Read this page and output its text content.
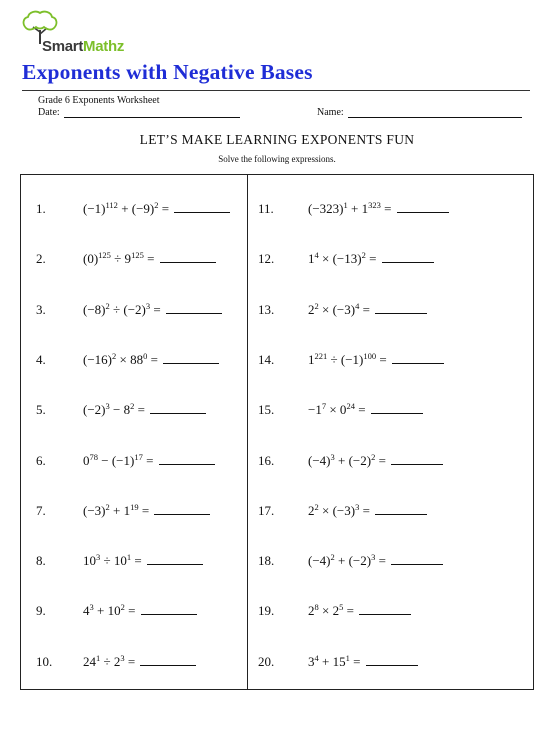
SmartMathz
Exponents with Negative Bases
Grade 6 Exponents Worksheet
Date:	Name:
LET’S MAKE LEARNING EXPONENTS FUN
Solve the following expressions.
1.	$(-1)^{112} + (-9)^2$ =
2.	$(0)^{125} \div 9^{125}$ =
3.	$(-8)^2 \div (-2)^3$ =
4.	$(-16)^2 \times 88^0$ =
5.	$(-2)^3 - 8^2$ =
6.	$0^{78} - (-1)^{17}$ =
7.	$(-3)^2 + 1^{19}$ =
8.	$10^3 \div 10^1$ =
9.	$4^3 + 10^2$ =
10. $24^1 \div 2^3$ =
11.	$(-323)^1 + 1^{323}$ =
12.	$1^4 \times (-13)^2$ =
13.	$2^2 \times (-3)^4$ =
14.	$1^{221} \div (-1)^{100}$ =
15.	$-1^7 \times 0^{24}$ =
16.	$(-4)^3 + (-2)^2$ =
17.	$2^2 \times (-3)^3$ =
18.	$(-4)^2 + (-2)^3$ =
19.	$2^8 \times 2^5$ =
20.	$3^4 + 15^1$ =
